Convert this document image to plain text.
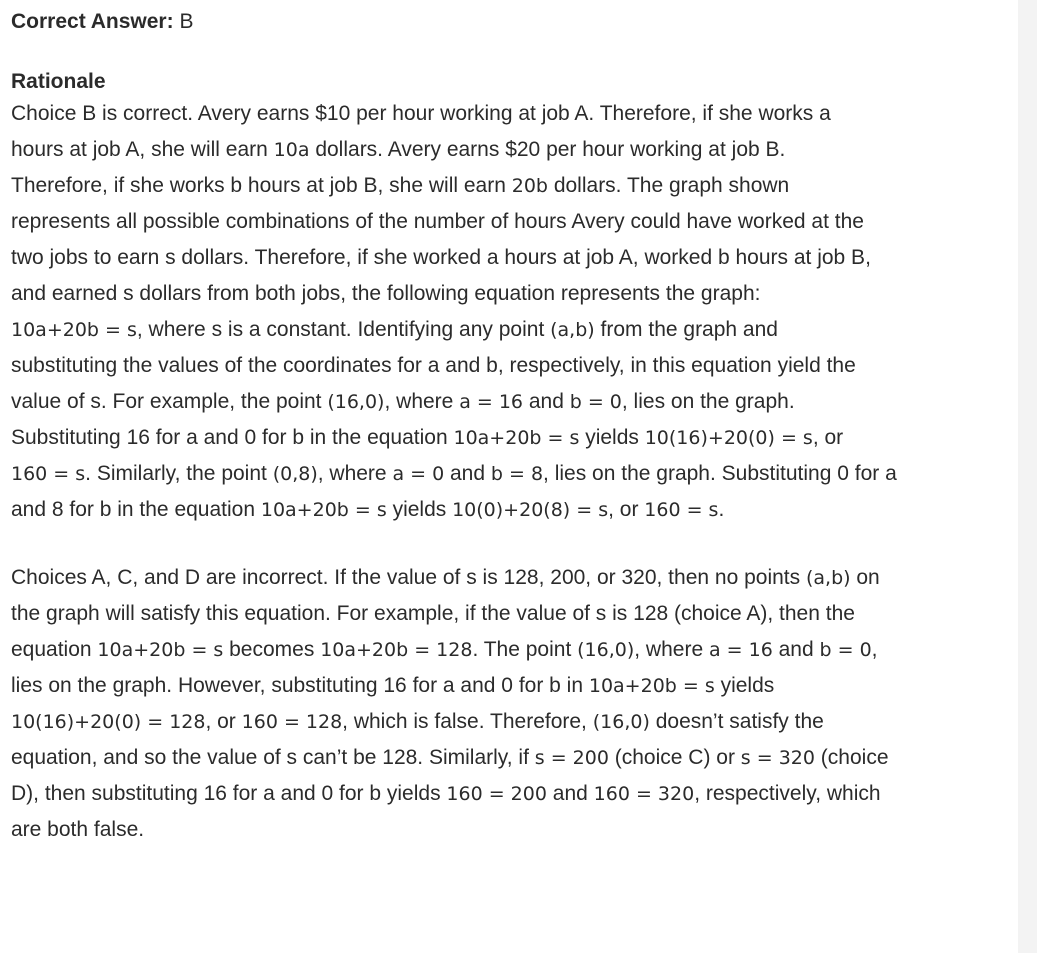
Correct Answer: B

Rationale

Choice B is correct. Avery earns $10 per hour working at job A. Therefore, if she works a
hours at job A, she will earn 10a dollars. Avery earns $20 per hour working at job B.
Therefore, if she works b hours at job B, she will earn 20b dollars. The graph shown
represents all possible combinations of the number of hours Avery could have worked at the
two jobs to earn s dollars. Therefore, if she worked a hours at job A, worked b hours at job B,
and earned s dollars from both jobs, the following equation represents the graph:
10a+20b = s, where s is a constant. Identifying any point (a,b) from the graph and
substituting the values of the coordinates for a and b, respectively, in this equation yield the
value of s. For example, the point (16,0), where a = 16 and b = 0, lies on the graph.
Substituting 16 for a and 0 for b in the equation 10a+20b = s yields 10(16)+20(0) = s, or
160 = s. Similarly, the point (0,8), where a = 0 and b = 8, lies on the graph. Substituting 0 for a
and 8 for b in the equation 10a+20b = s yields 10(0)+20(8) = s, or 160 = s.

Choices A, C, and D are incorrect. If the value of s is 128, 200, or 320, then no points (a,b) on
the graph will satisfy this equation. For example, if the value of s is 128 (choice A), then the
equation 10a+20b = s becomes 10a+20b = 128. The point (16,0), where a = 16 and b = 0,
lies on the graph. However, substituting 16 for a and 0 for b in 10a+20b = s yields
10(16)+20(0) = 128, or 160 = 128, which is false. Therefore, (16,0) doesn’t satisfy the
equation, and so the value of s can’t be 128. Similarly, if s = 200 (choice C) or s = 320 (choice
D), then substituting 16 for a and 0 for b yields 160 = 200 and 160 = 320, respectively, which
are both false.
